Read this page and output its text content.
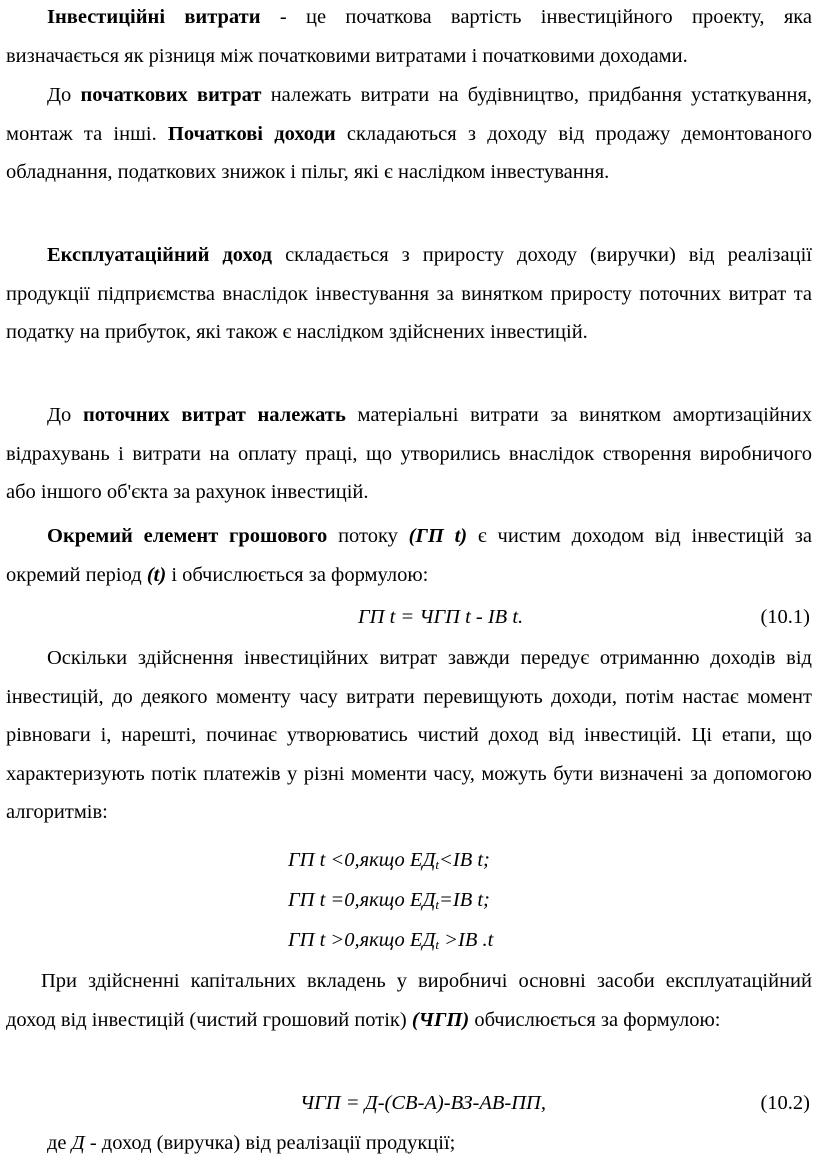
Інвестиційні витрати - це початкова вартість інвестиційного проекту, яка визначається як різниця між початковими витратами і початковими доходами.

До початкових витрат належать витрати на будівництво, придбання устаткування, монтаж та інші. Початкові доходи складаються з доходу від продажу демонтованого обладнання, податкових знижок і пільг, які є наслідком інвестування.

Експлуатаційний доход складається з приросту доходу (виручки) від реалізації продукції підприємства внаслідок інвестування за винятком приросту поточних витрат та податку на прибуток, які також є наслідком здійснених інвестицій.

До поточних витрат належать матеріальні витрати за винятком амортизаційних відрахувань і витрати на оплату праці, що утворились внаслідок створення виробничого або іншого об'єкта за рахунок інвестицій.

Окремий елемент грошового потоку (ГП t) є чистим доходом від інвестицій за окремий період (t) і обчислюється за формулою:

ГП t = ЧГП t - ІВ t.	(10.1)

Оскільки здійснення інвестиційних витрат завжди передує отриманню доходів від інвестицій, до деякого моменту часу витрати перевищують доходи, потім настає момент рівноваги і, нарешті, починає утворюватись чистий доход від інвестицій. Ці етапи, що характеризують потік платежів у різні моменти часу, можуть бути визначені за допомогою алгоритмів:

ГП t <0,якщо $ЕД_t<ІВ$ t;
ГП t =0,якщо $ЕД_t=ІВ$ t;
ГП t >0,якщо $ЕД_t >ІВ$ .t

При здійсненні капітальних вкладень у виробничі основні засоби експлуатаційний доход від інвестицій (чистий грошовий потік) (ЧГП) обчислюється за формулою:

ЧГП = Д-(СВ-А)-ВЗ-АВ-ПП,	(10.2)

де Д - доход (виручка) від реалізації продукції;
